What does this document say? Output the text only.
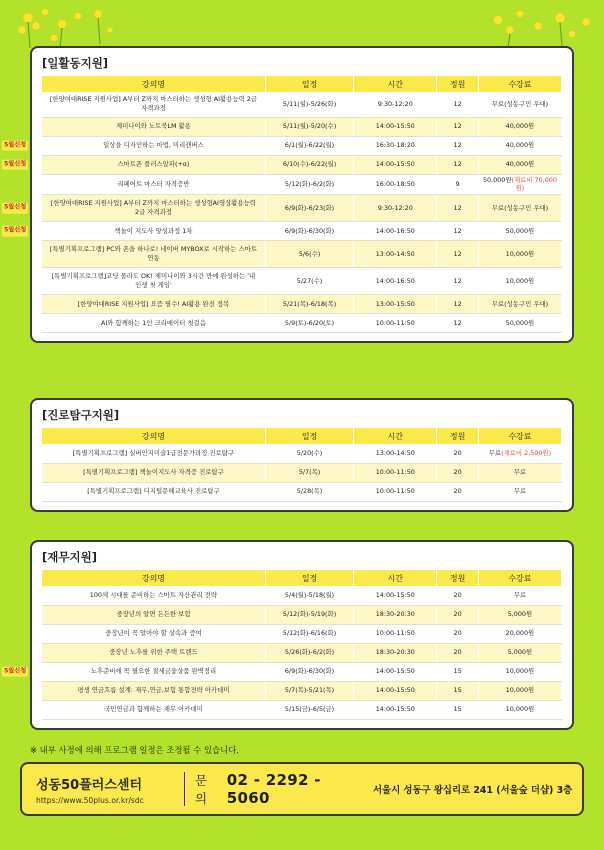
[일활동지원]
강의명	일정	시간	정원	수강료
[한양여대RISE 지원사업] A부터 Z까지 마스터하는 생성형 AI활용능력 2급 자격과정	5/11(월)-5/26(화)	9:30-12:20	12	무료(성동구민 우대)
제미나이와 노트북LM 활용	5/11(월)-5/20(수)	14:00-15:50	12	40,000원

5월신청 일상을 디자인하는 마법, 미리캔버스	6/1(월)-6/22(월)	16:30-18:20	12	40,000원

5월신청 스마트폰 플러스알파(+α)	6/10(수)-6/22(월)	14:00-15:50	12	40,000원
리페어트 마스터 자격증반	5/12(화)-6/2(화)	16:00-18:50	9	50,000원(재료비 70,000원)

5월신청 [한양여대RISE 지원사업] A부터 Z까지 마스터하는 생성형AI영상활용능력 2급 자격과정	6/9(화)-6/23(화)	9:30-12:20	12	무료(성동구민 우대)

5월신청 책놀이 지도사 양성과정 1차	6/9(화)-6/30(화)	14:00-16:50	12	50,000원
[특별기획프로그램] PC와 폰을 하나로! 네이버 MYBOX로 시작하는 스마트 연동	5/6(수)	13:00-14:50	12	10,000원
[특별기획프로그램]코딩 몰라도 OK! 제미나이와 3시간 만에 완성하는 '내 인생 첫 게임'	5/27(수)	14:00-16:50	12	10,000원
[한양여대RISE 지원사업] 요즘 필수! AI활용 완전 정복	5/21(목)-6/18(목)	13:00-15:50	12	무료(성동구민 우대)
AI와 함께하는 1인 크리에이터 첫걸음	5/9(토)-6/20(토)	10:00-11:50	12	50,000원
[진로탐구지원]
강의명	일정	시간	정원	수강료
[특별기획프로그램] 실버인지미술1급전문가과정 진로탐구	5/20(수)	13:00-14:50	20	무료(재료비 2,500원)
[특별기획프로그램] 책놀이지도사 자격증 진로탐구	5/7(목)	10:00-11:50	20	무료
[특별기획프로그램] 디지털문해교육사 진로탐구	5/28(목)	10:00-11:50	20	무료
[재무지원]
강의명	일정	시간	정원	수강료
100세 시대를 준비하는 스마트 자산관리 전략	5/4(월)-5/18(월)	14:00-15:50	20	무료
중장년의 알면 든든한 보험	5/12(화)-5/19(화)	18:30-20:30	20	5,000원
중장년이 꼭 알아야 할 상속과 증여	5/12(화)-6/16(화)	10:00-11:50	20	20,000원
중장년 노후를 위한 주택 트렌드	5/26(화)-6/2(화)	18:30-20:30	20	5,000원

5월신청 노후준비에 꼭 필요한 절세금융상품 완벽정리	6/9(화)-6/30(화)	14:00-15:50	15	10,000원
평생 연금흐름 설계: 재무,연금,보험 통합전략 아카데미	5/7(목)-5/21(목)	14:00-15:50	15	10,000원
국민연금과 함께하는 재무 아카데미	5/15(금)-6/5(금)	14:00-15:50	15	10,000원
※ 내부 사정에 의해 프로그램 일정은 조정될 수 있습니다.
성동50플러스센터
https://www.50plus.or.kr/sdc
문의
02 - 2292 - 5060	서울시 성동구 왕십리로 241 (서울숲 더샵) 3층
